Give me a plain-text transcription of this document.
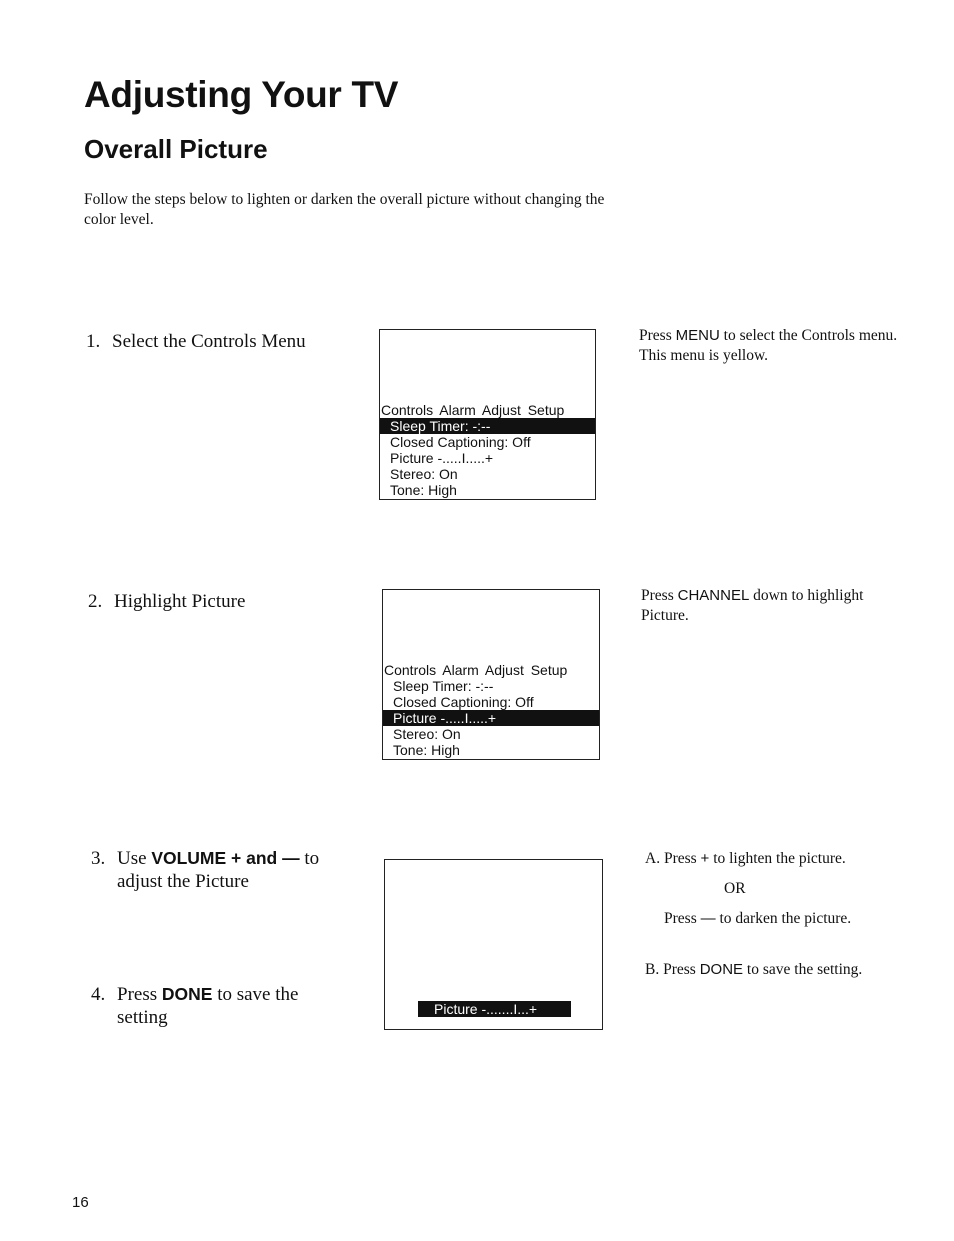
Adjusting Your TV
Overall Picture
Follow the steps below to lighten or darken the overall picture without changing the color level.
1. Select the Controls Menu
Controls Alarm Adjust Setup
Sleep Timer: -:--
Closed Captioning: Off
Picture -.....I.....+
Stereo: On
Tone: High
Press MENU to select the Controls menu. This menu is yellow.
2. Highlight Picture
Controls Alarm Adjust Setup
Sleep Timer: -:--
Closed Captioning: Off
Picture -.....I.....+
Stereo: On
Tone: High
Press CHANNEL down to highlight Picture.
3. Use VOLUME + and — to
adjust the Picture
4. Press DONE to save the
setting	Picture -.......I...+
A. Press + to lighten the picture.
OR
Press — to darken the picture.
B. Press DONE to save the setting.
16
